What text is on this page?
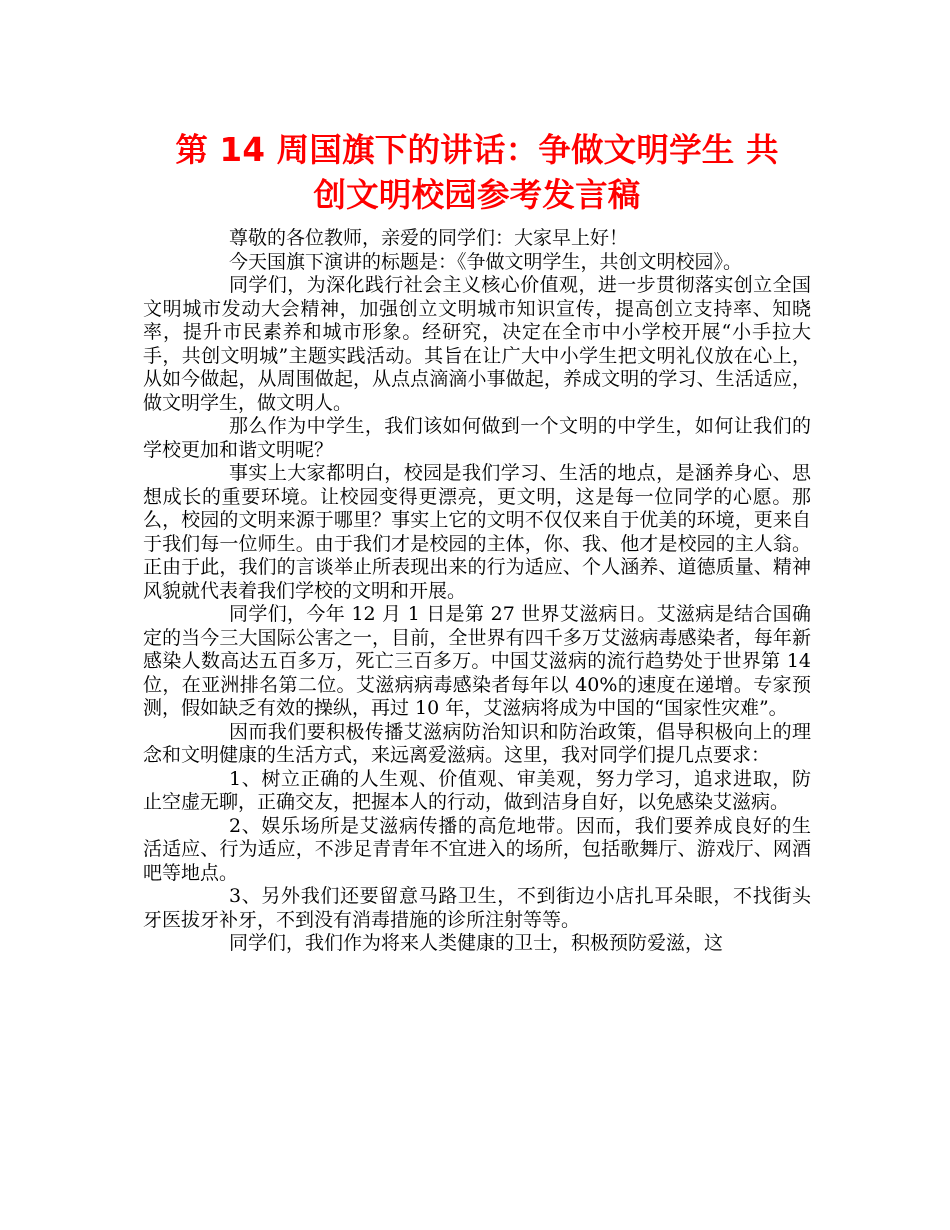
第 14 周国旗下的讲话：争做文明学生 共
创文明校园参考发言稿

尊敬的各位教师，亲爱的同学们：大家早上好！

今天国旗下演讲的标题是：《争做文明学生，共创文明校园》。

同学们，为深化践行社会主义核心价值观，进一步贯彻落实创立全国文明城市发动大会精神，加强创立文明城市知识宣传，提高创立支持率、知晓率，提升市民素养和城市形象。经研究，决定在全市中小学校开展“小手拉大手，共创文明城”主题实践活动。其旨在让广大中小学生把文明礼仪放在心上，从如今做起，从周围做起，从点点滴滴小事做起，养成文明的学习、生活适应，做文明学生，做文明人。

那么作为中学生，我们该如何做到一个文明的中学生，如何让我们的学校更加和谐文明呢？

事实上大家都明白，校园是我们学习、生活的地点，是涵养身心、思想成长的重要环境。让校园变得更漂亮，更文明，这是每一位同学的心愿。那么，校园的文明来源于哪里？事实上它的文明不仅仅来自于优美的环境，更来自于我们每一位师生。由于我们才是校园的主体，你、我、他才是校园的主人翁。正由于此，我们的言谈举止所表现出来的行为适应、个人涵养、道德质量、精神风貌就代表着我们学校的文明和开展。

同学们，今年 12 月 1 日是第 27 世界艾滋病日。艾滋病是结合国确定的当今三大国际公害之一，目前，全世界有四千多万艾滋病毒感染者，每年新感染人数高达五百多万，死亡三百多万。中国艾滋病的流行趋势处于世界第 14 位，在亚洲排名第二位。艾滋病病毒感染者每年以 40%的速度在递增。专家预测，假如缺乏有效的操纵，再过 10 年，艾滋病将成为中国的“国家性灾难”。

因而我们要积极传播艾滋病防治知识和防治政策，倡导积极向上的理念和文明健康的生活方式，来远离爱滋病。这里，我对同学们提几点要求：

1、树立正确的人生观、价值观、审美观，努力学习，追求进取，防止空虚无聊，正确交友，把握本人的行动，做到洁身自好，以免感染艾滋病。

2、娱乐场所是艾滋病传播的高危地带。因而，我们要养成良好的生活适应、行为适应，不涉足青青年不宜进入的场所，包括歌舞厅、游戏厅、网酒吧等地点。

3、另外我们还要留意马路卫生，不到街边小店扎耳朵眼，不找街头牙医拔牙补牙，不到没有消毒措施的诊所注射等等。

同学们，我们作为将来人类健康的卫士，积极预防爱滋，这
